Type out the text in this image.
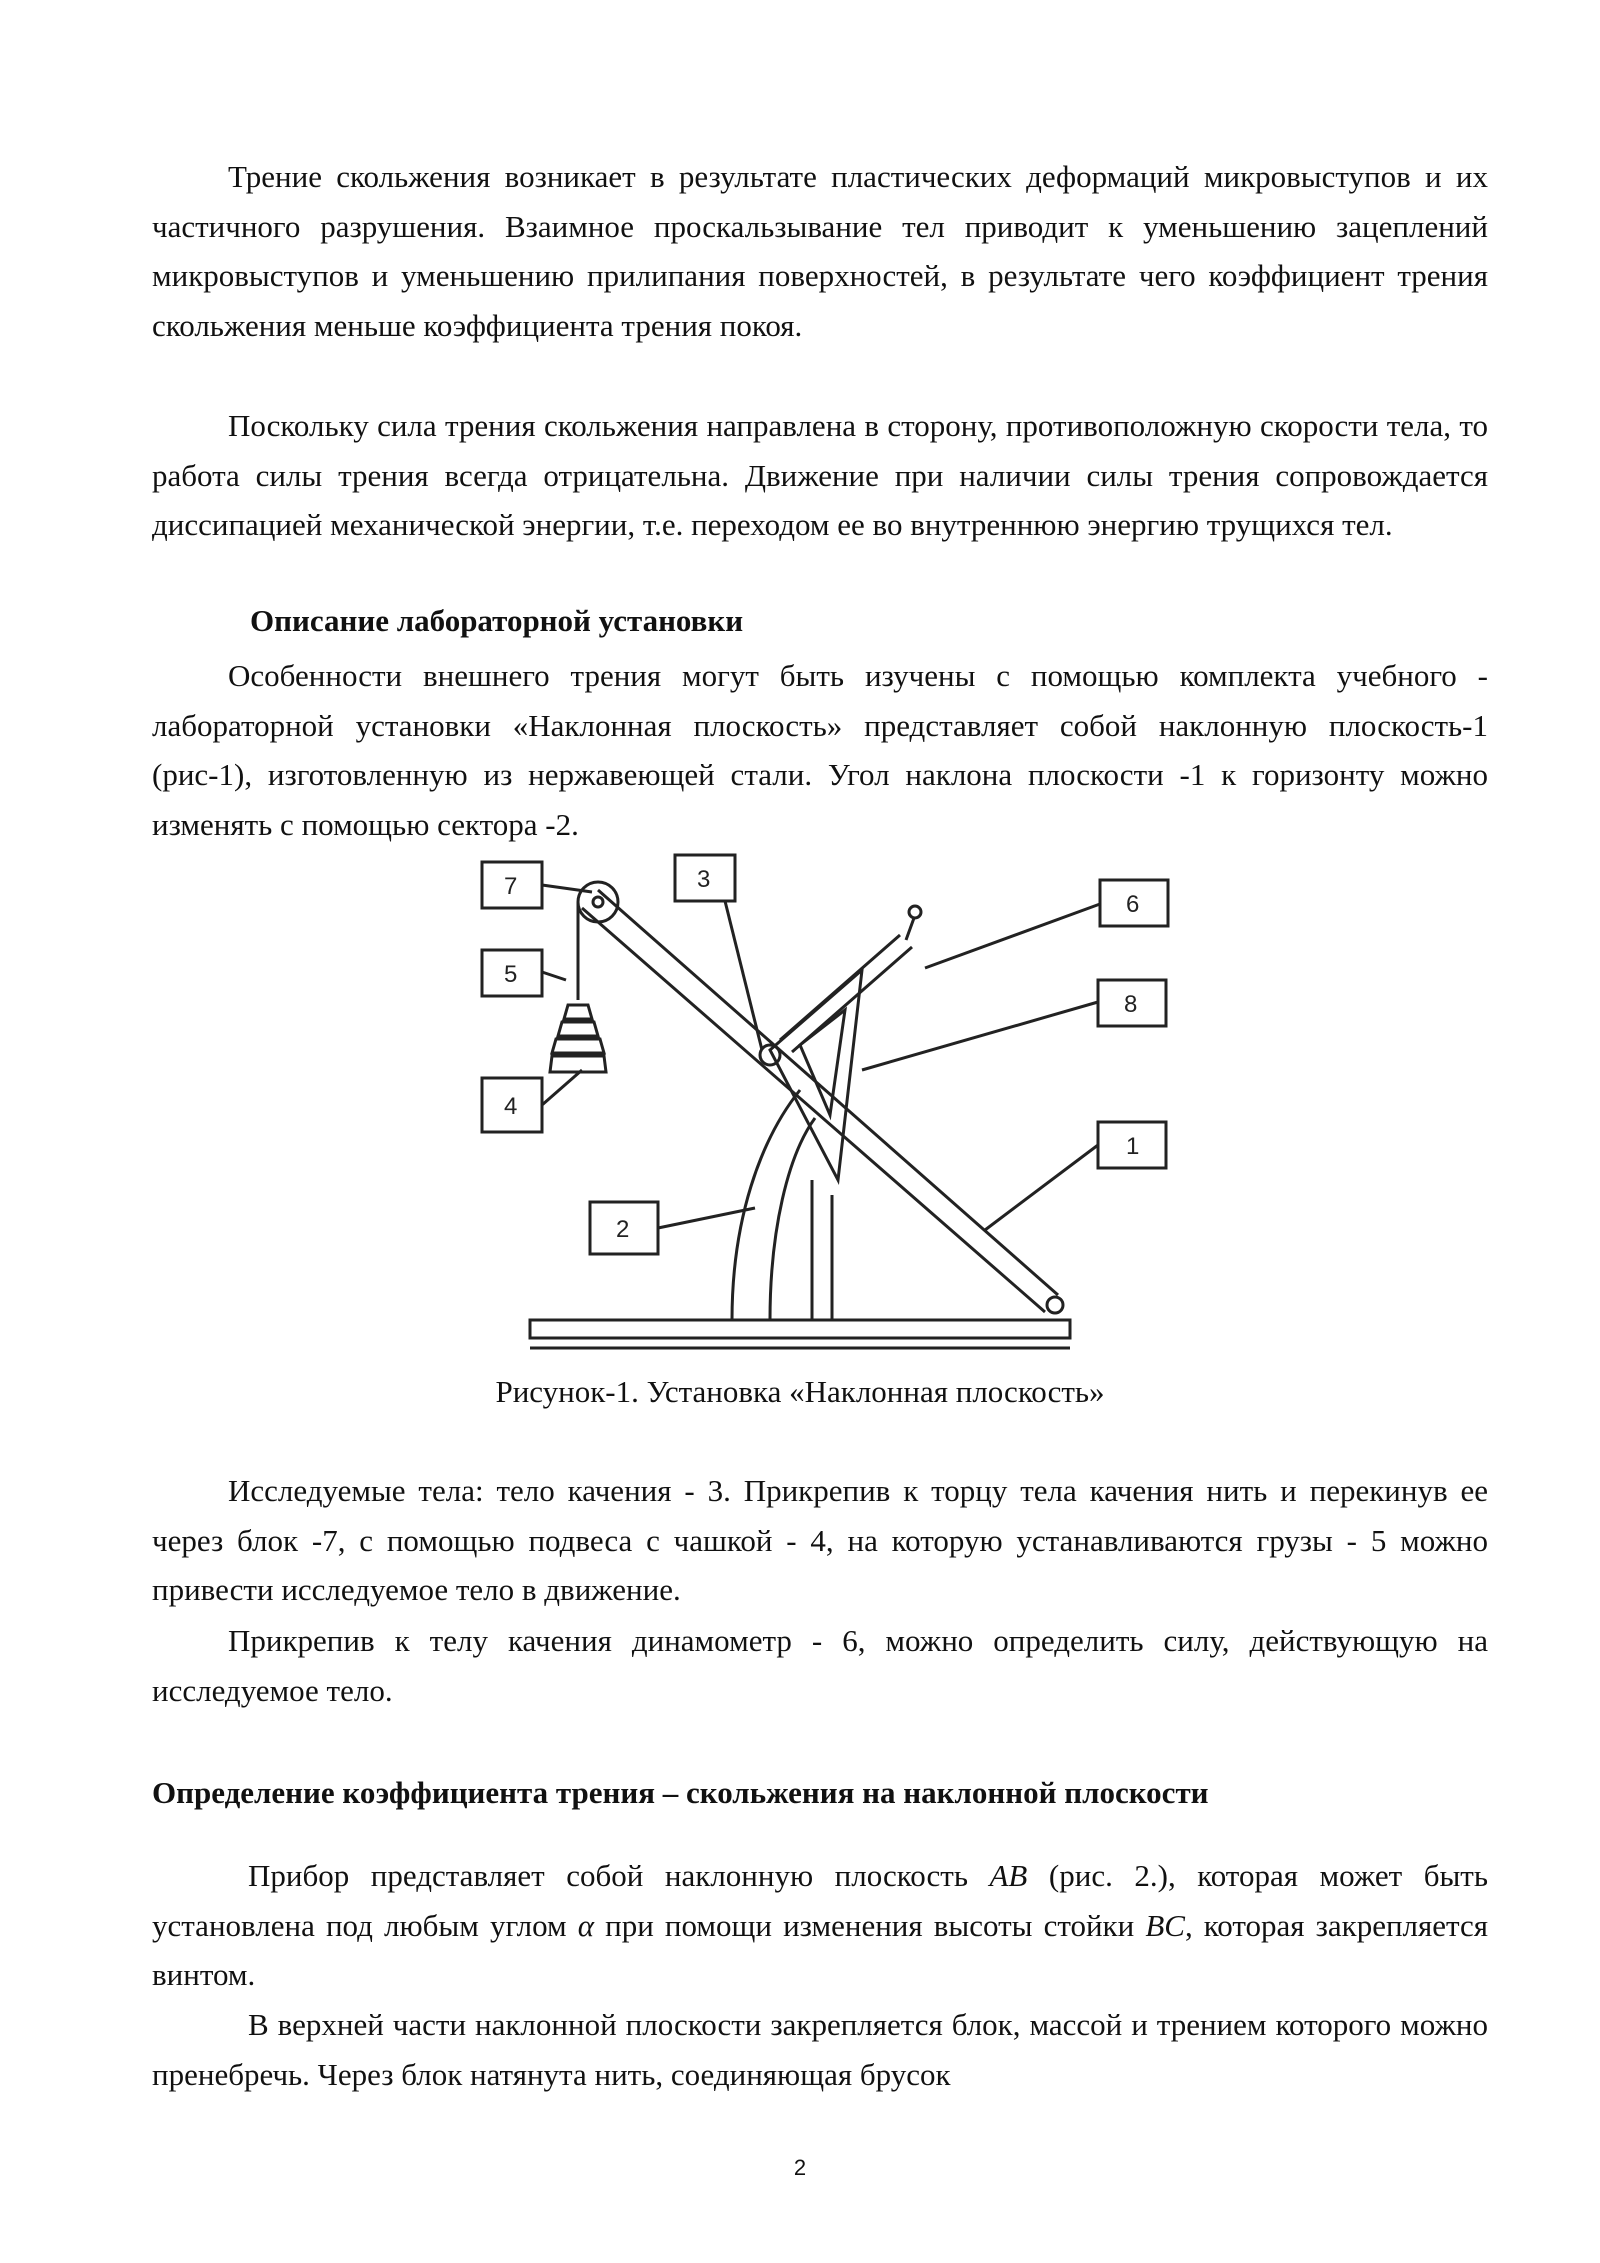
Трение скольжения возникает в результате пластических деформаций микровыступов и их частичного разрушения. Взаимное проскальзывание тел приводит к уменьшению зацеплений микровыступов и уменьшению прилипания поверхностей, в результате чего коэффициент трения скольжения меньше коэффициента трения покоя.

Поскольку сила трения скольжения направлена в сторону, противоположную скорости тела, то работа силы трения всегда отрицательна. Движение при наличии силы трения сопровождается диссипацией механической энергии, т.е. переходом ее во внутреннюю энергию трущихся тел.

Описание лабораторной установки

Особенности внешнего трения могут быть изучены с помощью комплекта учебного - лабораторной установки «Наклонная плоскость» представляет собой наклонную плоскость-1 (рис-1), изготовленную из нержавеющей стали. Угол наклона плоскости -1 к горизонту можно изменять с помощью сектора -2.

7	3
6
5
8
4
1
2
Рисунок-1. Установка «Наклонная плоскость»

Исследуемые тела: тело качения - 3. Прикрепив к торцу тела качения нить и перекинув ее через блок -7, с помощью подвеса с чашкой - 4, на которую устанавливаются грузы - 5 можно привести исследуемое тело в движение.

Прикрепив к телу качения динамометр - 6, можно определить силу, действующую на исследуемое тело.

Определение коэффициента трения – скольжения на наклонной плоскости

Прибор представляет собой наклонную плоскость AB (рис. 2.), которая может быть установлена под любым углом α при помощи изменения высоты стойки BC, которая закрепляется винтом.

В верхней части наклонной плоскости закрепляется блок, массой и трением которого можно пренебречь. Через блок натянута нить, соединяющая брусок

2
